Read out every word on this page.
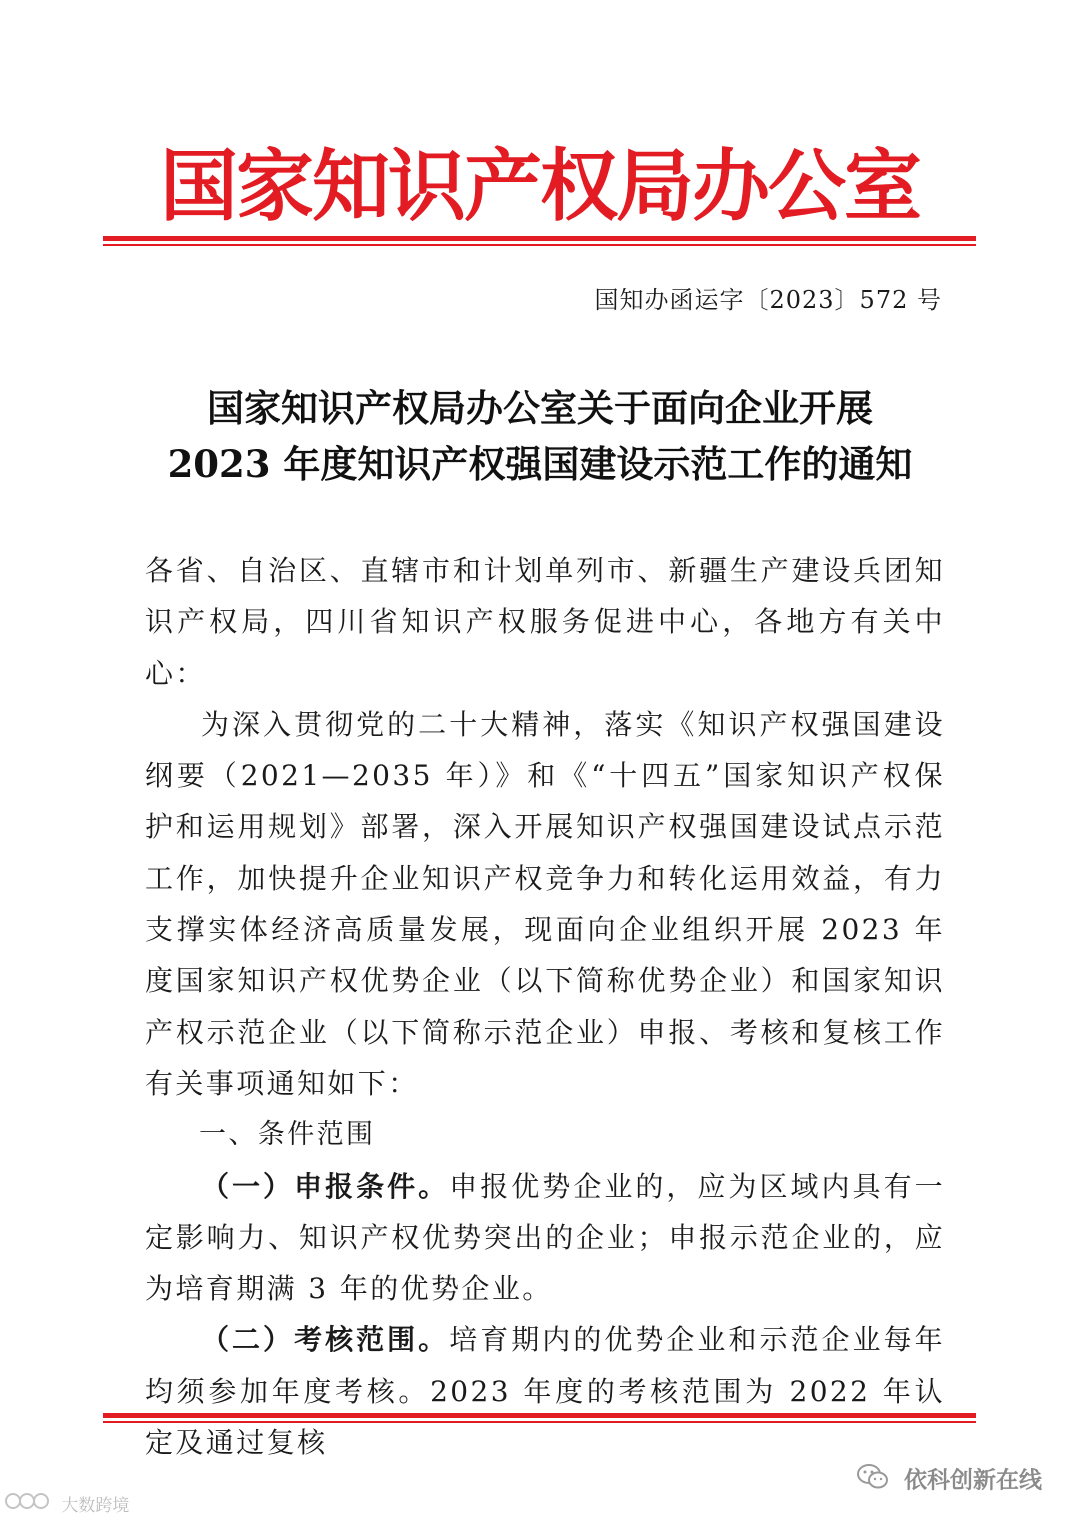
国家知识产权局办公室
国知办函运字〔2023〕572 号
国家知识产权局办公室关于面向企业开展
2023 年度知识产权强国建设示范工作的通知

各省、自治区、直辖市和计划单列市、新疆生产建设兵团知识产权局，四川省知识产权服务促进中心，各地方有关中心：

为深入贯彻党的二十大精神，落实《知识产权强国建设纲要（2021—2035 年）》和《“十四五”国家知识产权保护和运用规划》部署，深入开展知识产权强国建设试点示范工作，加快提升企业知识产权竞争力和转化运用效益，有力支撑实体经济高质量发展，现面向企业组织开展 2023 年度国家知识产权优势企业（以下简称优势企业）和国家知识产权示范企业（以下简称示范企业）申报、考核和复核工作有关事项通知如下：

一、条件范围

（一）申报条件。申报优势企业的，应为区域内具有一定影响力、知识产权优势突出的企业；申报示范企业的，应为培育期满 3 年的优势企业。

（二）考核范围。培育期内的优势企业和示范企业每年均须参加年度考核。2023 年度的考核范围为 2022 年认定及通过复核

依科创新在线
大数跨境
